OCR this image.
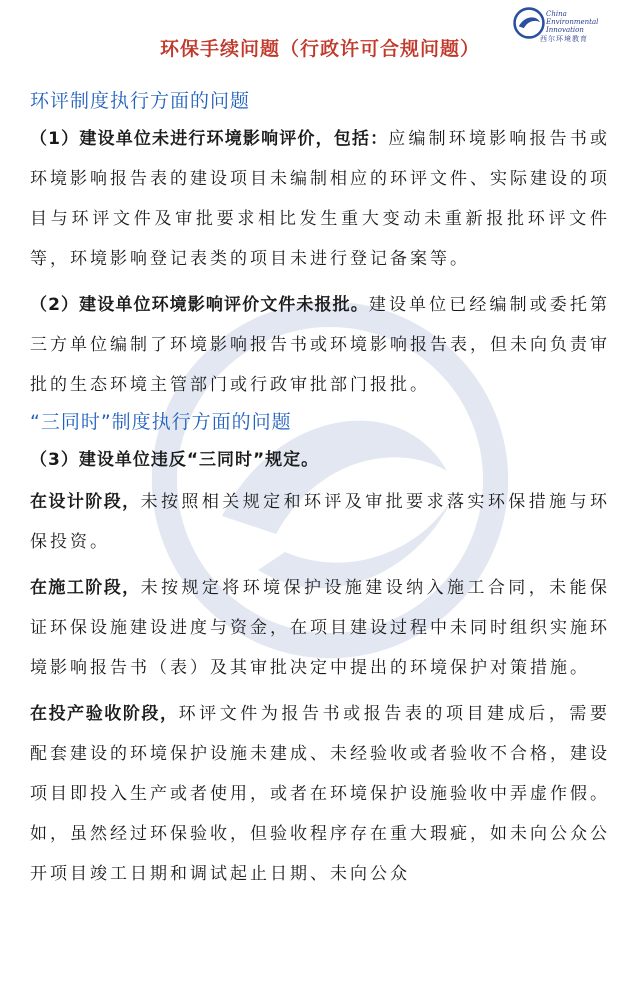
China
Environmental
Innovation
西尔环境教育
环保手续问题（行政许可合规问题）
环评制度执行方面的问题

（1）建设单位未进行环境影响评价，包括：应编制环境影响报告书或环境影响报告表的建设项目未编制相应的环评文件、实际建设的项目与环评文件及审批要求相比发生重大变动未重新报批环评文件等，环境影响登记表类的项目未进行登记备案等。

（2）建设单位环境影响评价文件未报批。建设单位已经编制或委托第三方单位编制了环境影响报告书或环境影响报告表，但未向负责审批的生态环境主管部门或行政审批部门报批。

“三同时”制度执行方面的问题

（3）建设单位违反“三同时”规定。

在设计阶段，未按照相关规定和环评及审批要求落实环保措施与环保投资。

在施工阶段，未按规定将环境保护设施建设纳入施工合同，未能保证环保设施建设进度与资金，在项目建设过程中未同时组织实施环境影响报告书（表）及其审批决定中提出的环境保护对策措施。

在投产验收阶段，环评文件为报告书或报告表的项目建成后，需要配套建设的环境保护设施未建成、未经验收或者验收不合格，建设项目即投入生产或者使用，或者在环境保护设施验收中弄虚作假。如，虽然经过环保验收，但验收程序存在重大瑕疵，如未向公众公开项目竣工日期和调试起止日期、未向公众
